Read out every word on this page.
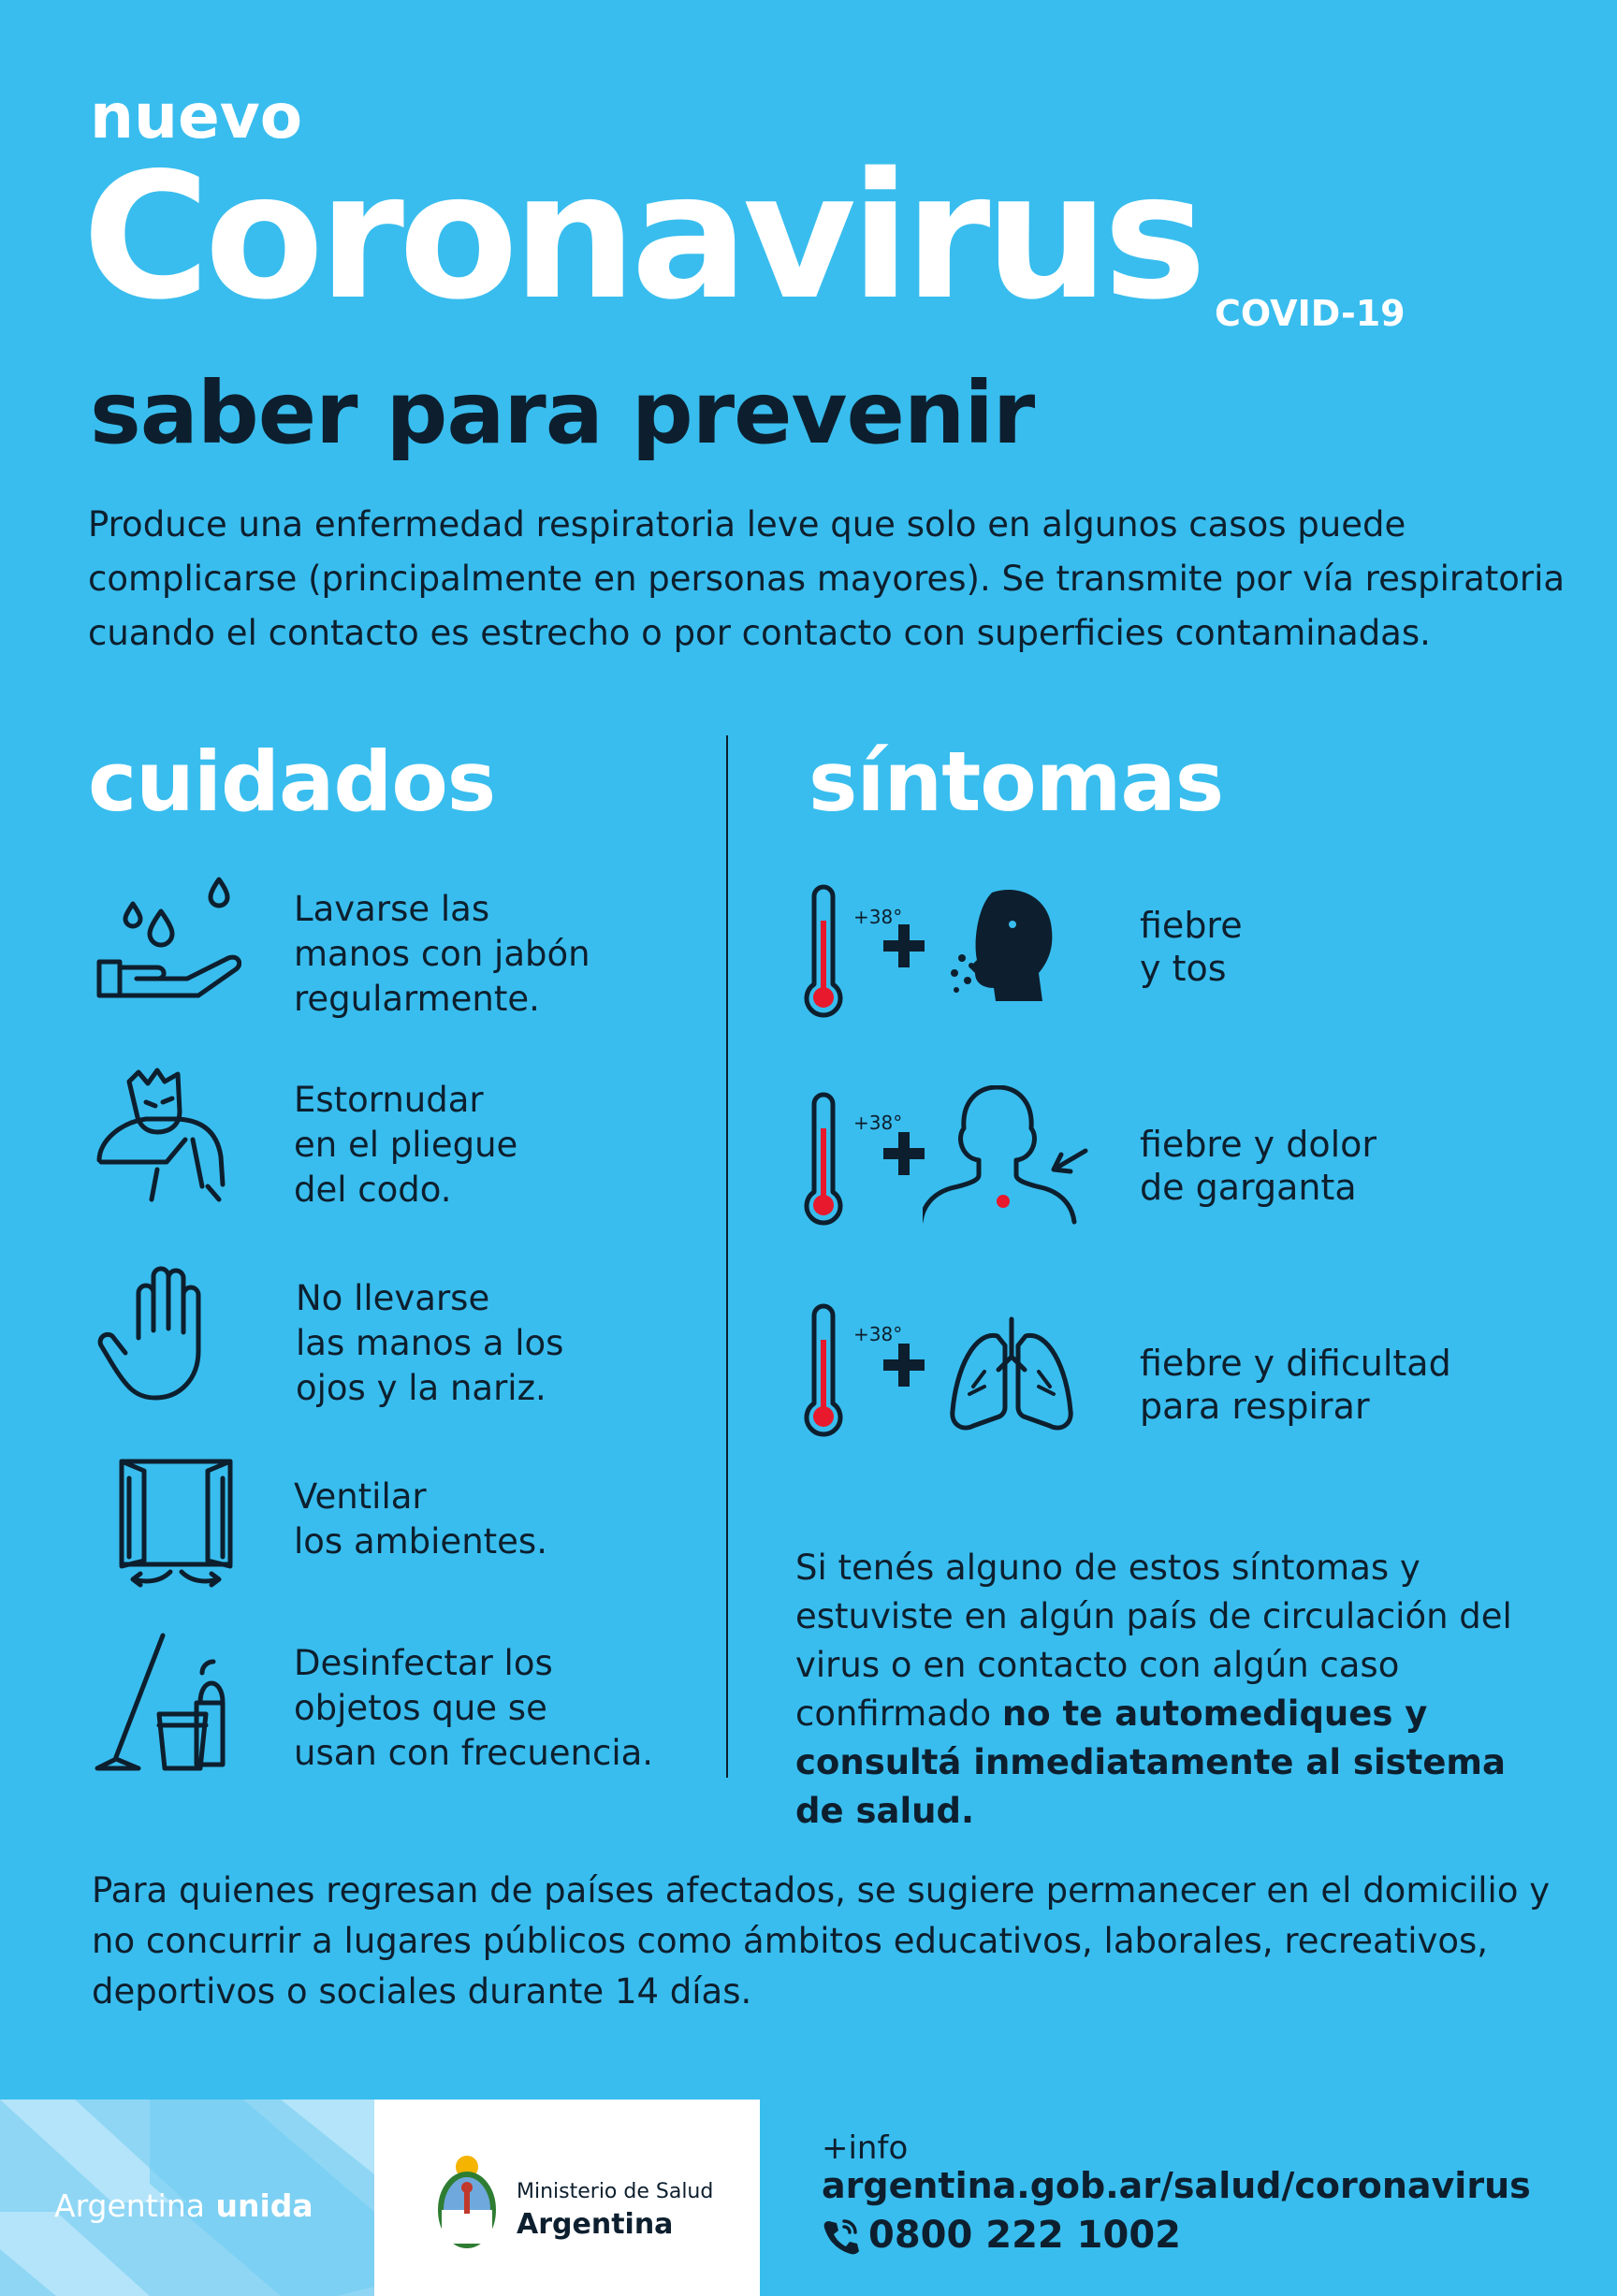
nuevo
Coronavirus COVID-19
saber para prevenir
Produce una enfermedad respiratoria leve que solo en algunos casos puede complicarse (principalmente en personas mayores). Se transmite por vía respiratoria cuando el contacto es estrecho o por contacto con superficies contaminadas.
cuidados
Lavarse las
manos con jabón
regularmente.
Estornudar
en el pliegue
del codo.
No llevarse
las manos a los
ojos y la nariz.
Ventilar
los ambientes.
Desinfectar los
objetos que se
usan con frecuencia.
síntomas
+38°	fiebre
y tos
+38°
fiebre y dolor
de garganta
+38°
fiebre y dificultad
para respirar
Si tenés alguno de estos síntomas y estuviste en algún país de circulación del virus o en contacto con algún caso confirmado no te automediques y consultá inmediatamente al sistema de salud.
Para quienes regresan de países afectados, se sugiere permanecer en el domicilio y no concurrir a lugares públicos como ámbitos educativos, laborales, recreativos, deportivos o sociales durante 14 días.
Argentina unida	Ministerio de Salud
Argentina
+info
argentina.gob.ar/salud/coronavirus
0800 222 1002
